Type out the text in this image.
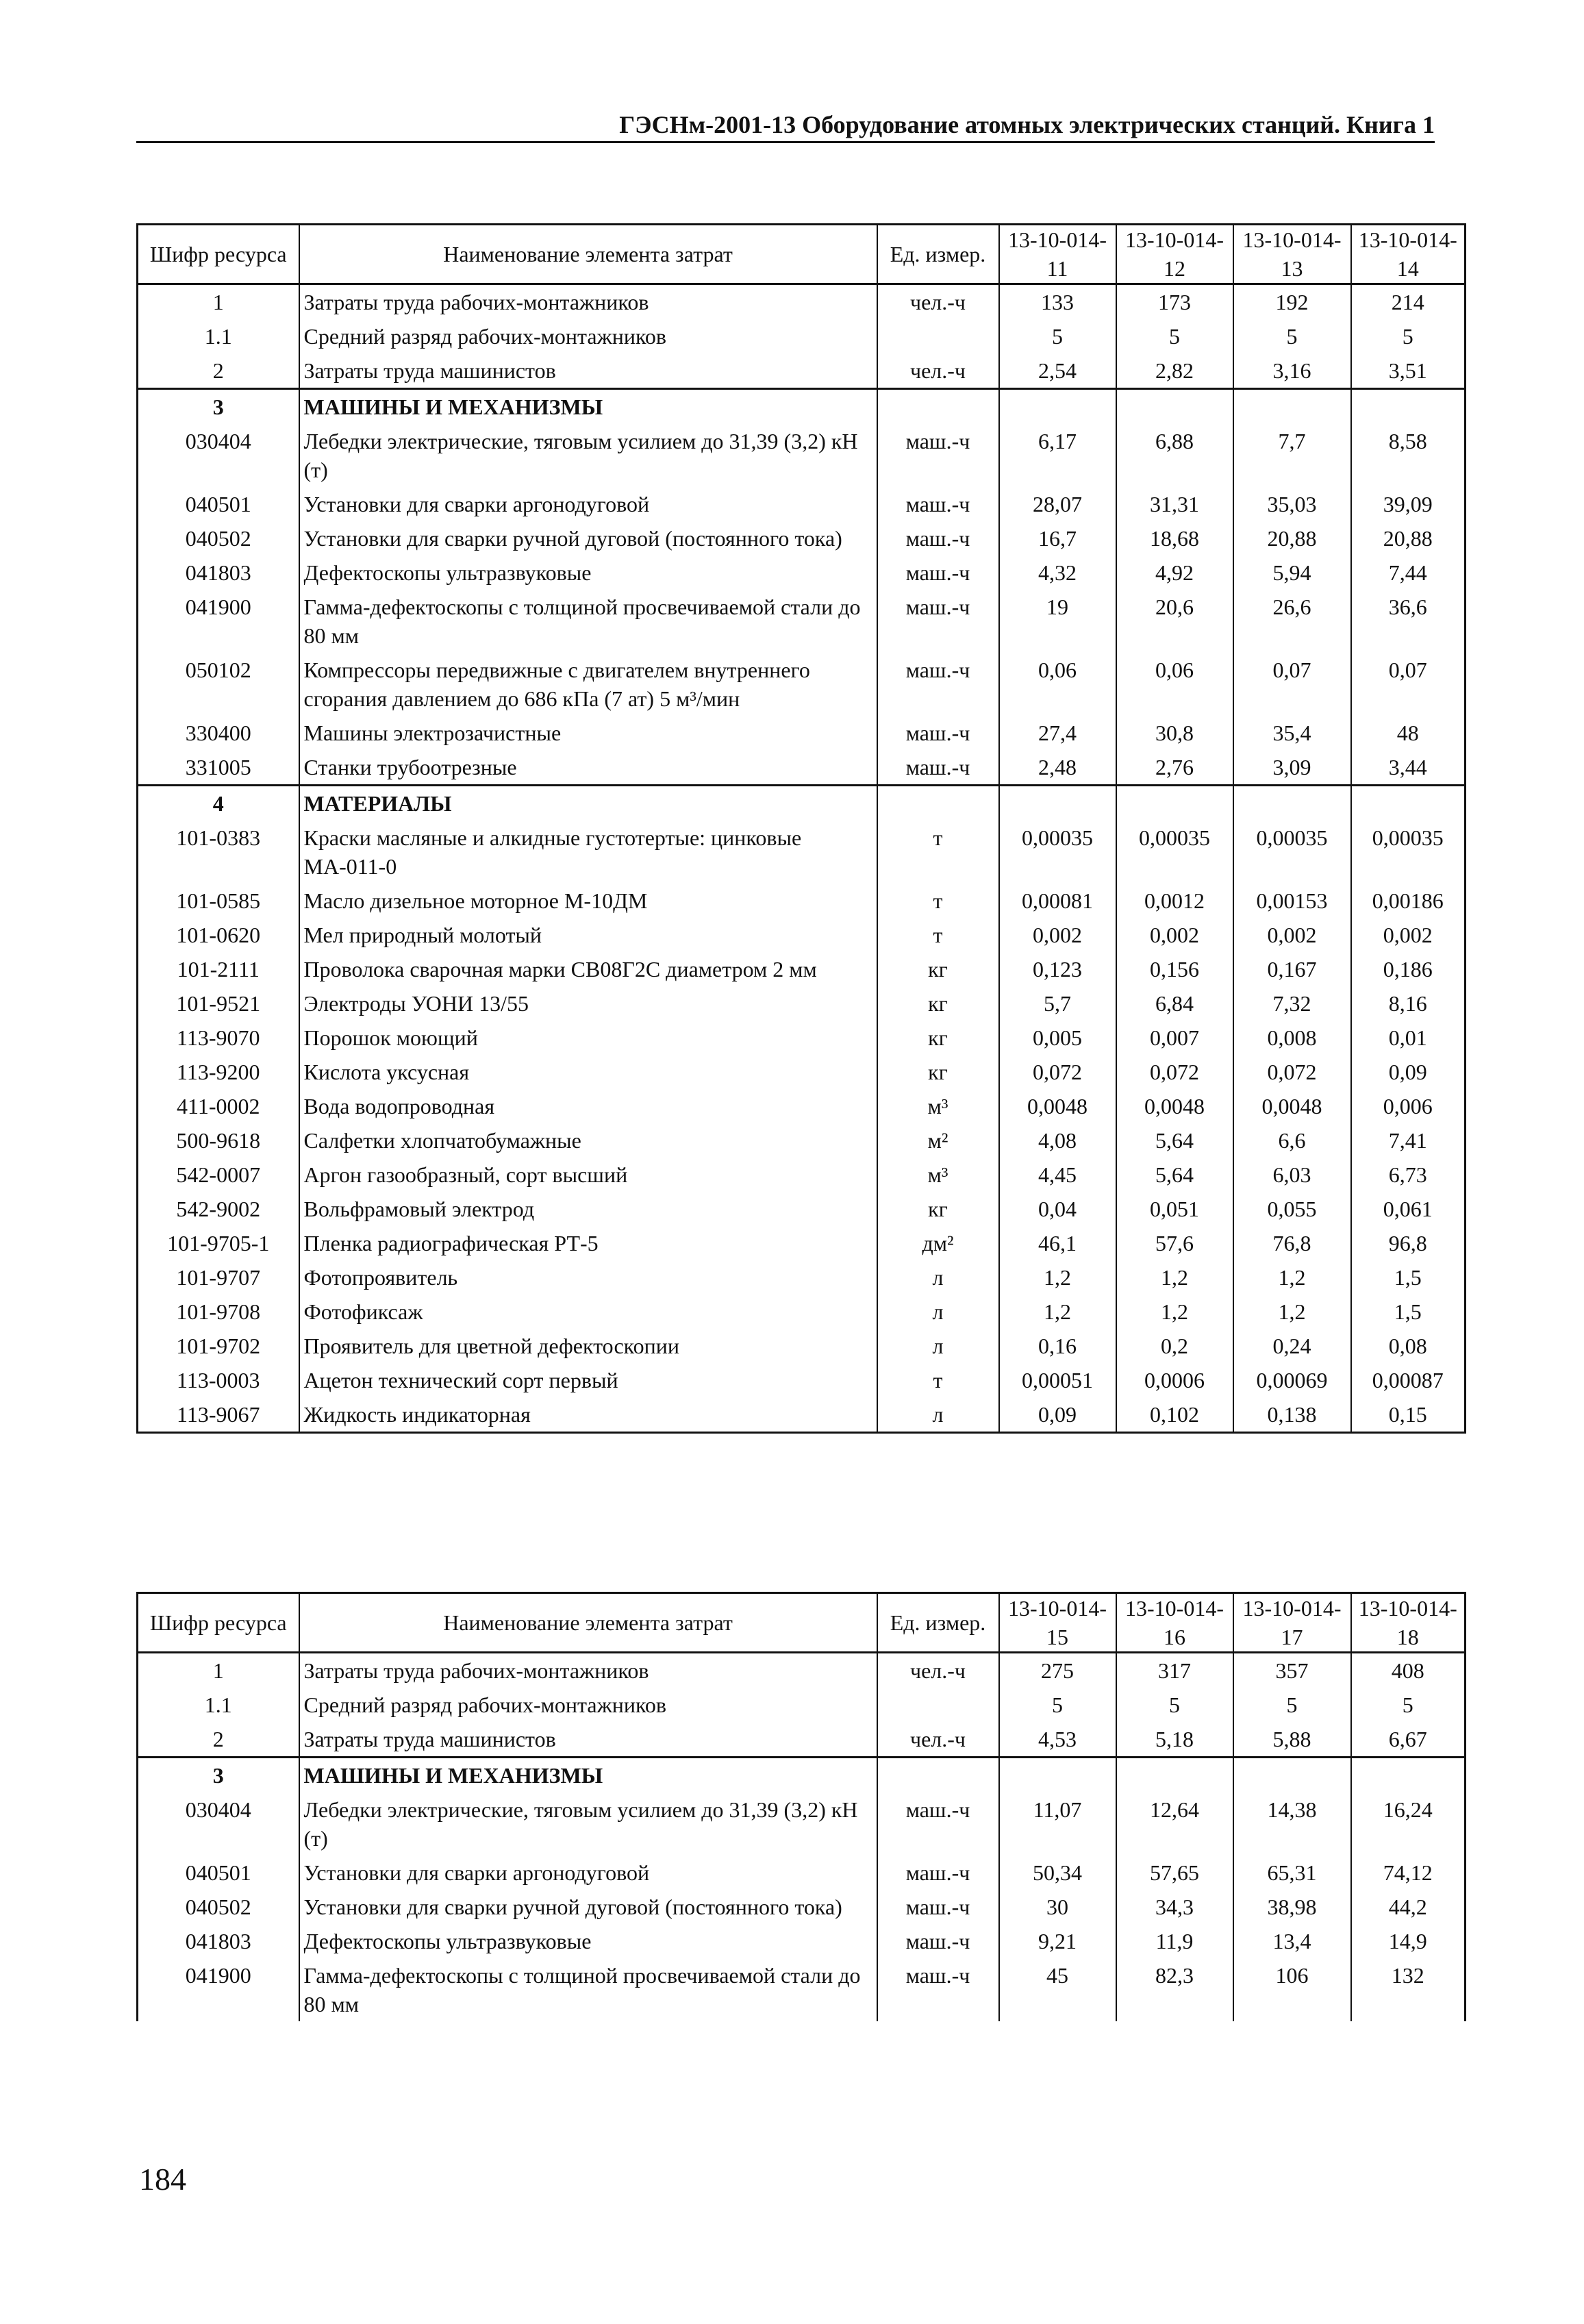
ГЭСНм-2001-13 Оборудование атомных электрических станций. Книга 1
Шифр ресурса	Наименование элемента затрат	Ед. измер.	13-10-014-11	13-10-014-12	13-10-014-13	13-10-014-14
1	Затраты труда рабочих-монтажников	чел.-ч	133	173	192	214
1.1	Средний разряд рабочих-монтажников		5	5	5	5
2	Затраты труда машинистов	чел.-ч	2,54	2,82	3,16	3,51
3	МАШИНЫ И МЕХАНИЗМЫ					
030404	Лебедки электрические, тяговым усилием до 31,39 (3,2) кН (т)	маш.-ч	6,17	6,88	7,7	8,58
040501	Установки для сварки аргонодуговой	маш.-ч	28,07	31,31	35,03	39,09
040502	Установки для сварки ручной дуговой (постоянного тока)	маш.-ч	16,7	18,68	20,88	20,88
041803	Дефектоскопы ультразвуковые	маш.-ч	4,32	4,92	5,94	7,44
041900	Гамма-дефектоскопы с толщиной просвечиваемой стали до 80 мм	маш.-ч	19	20,6	26,6	36,6
050102	Компрессоры передвижные с двигателем внутреннего сгорания давлением до 686 кПа (7 ат) 5 м³/мин	маш.-ч	0,06	0,06	0,07	0,07
330400	Машины электрозачистные	маш.-ч	27,4	30,8	35,4	48
331005	Станки трубоотрезные	маш.-ч	2,48	2,76	3,09	3,44
4	МАТЕРИАЛЫ					
101-0383	Краски масляные и алкидные густотертые: цинковые МА-011-0	т	0,00035	0,00035	0,00035	0,00035
101-0585	Масло дизельное моторное М-10ДМ	т	0,00081	0,0012	0,00153	0,00186
101-0620	Мел природный молотый	т	0,002	0,002	0,002	0,002
101-2111	Проволока сварочная марки СВ08Г2С диаметром 2 мм	кг	0,123	0,156	0,167	0,186
101-9521	Электроды УОНИ 13/55	кг	5,7	6,84	7,32	8,16
113-9070	Порошок моющий	кг	0,005	0,007	0,008	0,01
113-9200	Кислота уксусная	кг	0,072	0,072	0,072	0,09
411-0002	Вода водопроводная	м³	0,0048	0,0048	0,0048	0,006
500-9618	Салфетки хлопчатобумажные	м²	4,08	5,64	6,6	7,41
542-0007	Аргон газообразный, сорт высший	м³	4,45	5,64	6,03	6,73
542-9002	Вольфрамовый электрод	кг	0,04	0,051	0,055	0,061
101-9705-1	Пленка радиографическая РТ-5	дм²	46,1	57,6	76,8	96,8
101-9707	Фотопроявитель	л	1,2	1,2	1,2	1,5
101-9708	Фотофиксаж	л	1,2	1,2	1,2	1,5
101-9702	Проявитель для цветной дефектоскопии	л	0,16	0,2	0,24	0,08
113-0003	Ацетон технический сорт первый	т	0,00051	0,0006	0,00069	0,00087
113-9067	Жидкость индикаторная	л	0,09	0,102	0,138	0,15
Шифр ресурса	Наименование элемента затрат	Ед. измер.	13-10-014-15	13-10-014-16	13-10-014-17	13-10-014-18
1	Затраты труда рабочих-монтажников	чел.-ч	275	317	357	408
1.1	Средний разряд рабочих-монтажников		5	5	5	5
2	Затраты труда машинистов	чел.-ч	4,53	5,18	5,88	6,67
3	МАШИНЫ И МЕХАНИЗМЫ					
030404	Лебедки электрические, тяговым усилием до 31,39 (3,2) кН (т)	маш.-ч	11,07	12,64	14,38	16,24
040501	Установки для сварки аргонодуговой	маш.-ч	50,34	57,65	65,31	74,12
040502	Установки для сварки ручной дуговой (постоянного тока)	маш.-ч	30	34,3	38,98	44,2
041803	Дефектоскопы ультразвуковые	маш.-ч	9,21	11,9	13,4	14,9
041900	Гамма-дефектоскопы с толщиной просвечиваемой стали до 80 мм	маш.-ч	45	82,3	106	132
184
